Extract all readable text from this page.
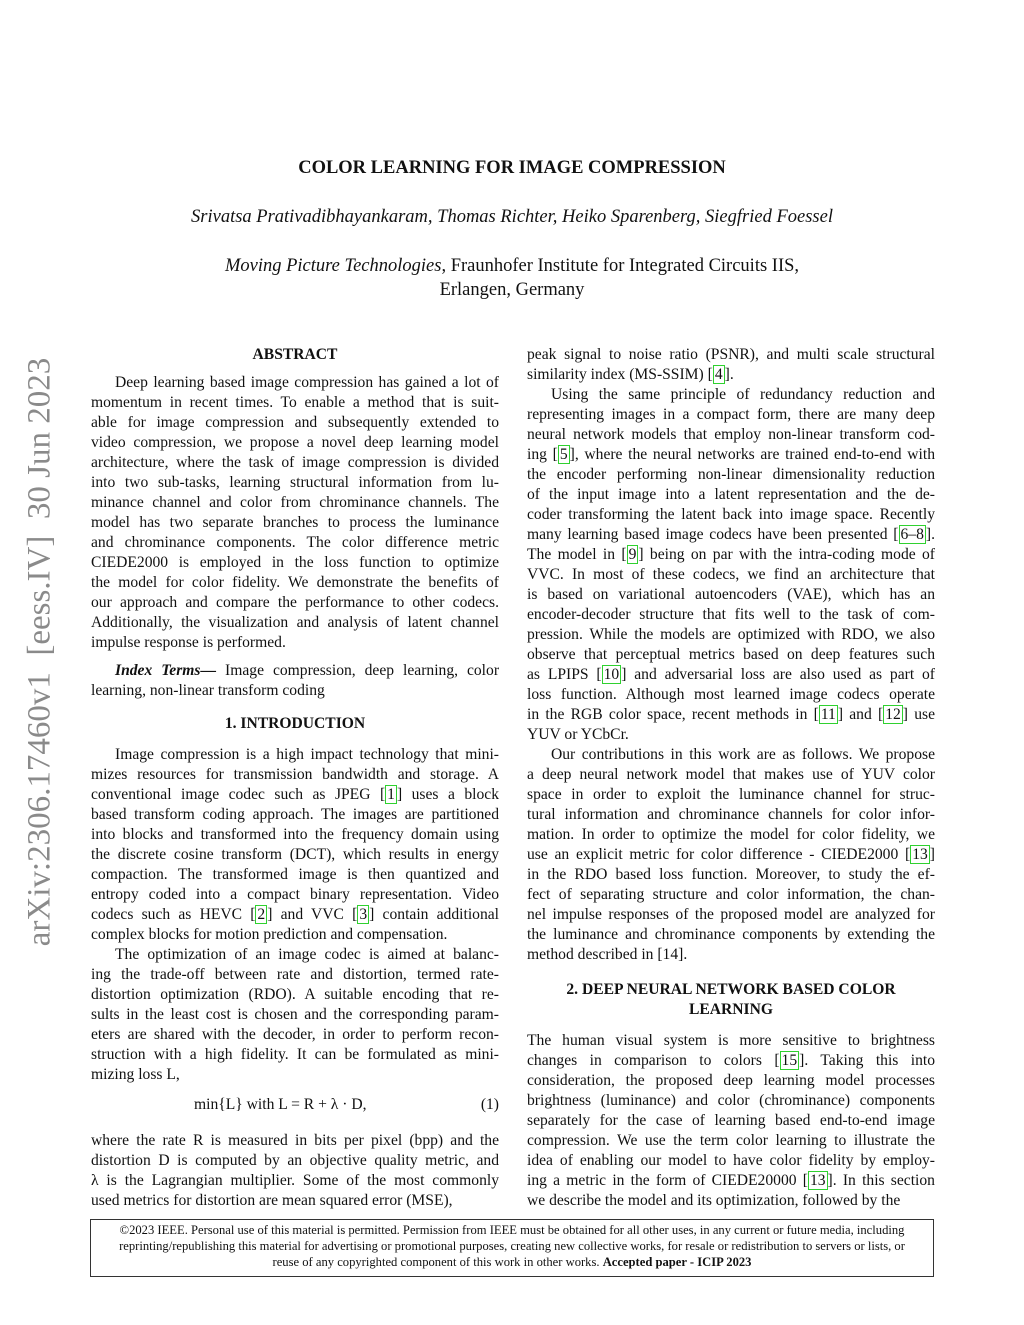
arXiv:2306.17460v1  [eess.IV]  30 Jun 2023
COLOR LEARNING FOR IMAGE COMPRESSION
Srivatsa Prativadibhayankaram, Thomas Richter, Heiko Sparenberg, Siegfried Foessel
Moving Picture Technologies, Fraunhofer Institute for Integrated Circuits IIS,
Erlangen, Germany
ABSTRACT
Deep learning based image compression has gained a lot of
momentum in recent times. To enable a method that is suit-
able for image compression and subsequently extended to
video compression, we propose a novel deep learning model
architecture, where the task of image compression is divided
into two sub-tasks, learning structural information from lu-
minance channel and color from chrominance channels. The
model has two separate branches to process the luminance
and chrominance components. The color difference metric
CIEDE2000 is employed in the loss function to optimize
the model for color fidelity. We demonstrate the benefits of
our approach and compare the performance to other codecs.
Additionally, the visualization and analysis of latent channel
impulse response is performed.
Index Terms— Image compression, deep learning, color
learning, non-linear transform coding
1. INTRODUCTION
Image compression is a high impact technology that mini-
mizes resources for transmission bandwidth and storage. A
conventional image codec such as JPEG [ 1 ] uses a block
based transform coding approach. The images are partitioned
into blocks and transformed into the frequency domain using
the discrete cosine transform (DCT), which results in energy
compaction. The transformed image is then quantized and
entropy coded into a compact binary representation. Video
codecs such as HEVC [ 2 ] and VVC [ 3 ] contain additional
complex blocks for motion prediction and compensation.
The optimization of an image codec is aimed at balanc-
ing the trade-off between rate and distortion, termed rate-
distortion optimization (RDO). A suitable encoding that re-
sults in the least cost is chosen and the corresponding param-
eters are shared with the decoder, in order to perform recon-
struction with a high fidelity. It can be formulated as mini-
mizing loss L,
min{L} with L = R + λ · D,	(1)
where the rate R is measured in bits per pixel (bpp) and the
distortion D is computed by an objective quality metric, and
λ is the Lagrangian multiplier. Some of the most commonly
used metrics for distortion are mean squared error (MSE),
peak signal to noise ratio (PSNR), and multi scale structural
similarity index (MS-SSIM) [ 4 ].
Using the same principle of redundancy reduction and
representing images in a compact form, there are many deep
neural network models that employ non-linear transform cod-
ing [ 5 ], where the neural networks are trained end-to-end with
the encoder performing non-linear dimensionality reduction
of the input image into a latent representation and the de-
coder transforming the latent back into image space. Recently
many learning based image codecs have been presented [ 6–8 ].
The model in [ 9 ] being on par with the intra-coding mode of
VVC. In most of these codecs, we find an architecture that
is based on variational autoencoders (VAE), which has an
encoder-decoder structure that fits well to the task of com-
pression. While the models are optimized with RDO, we also
observe that perceptual metrics based on deep features such
as LPIPS [ 10 ] and adversarial loss are also used as part of
loss function. Although most learned image codecs operate
in the RGB color space, recent methods in [ 11 ] and [ 12 ] use
YUV or YCbCr.
Our contributions in this work are as follows. We propose
a deep neural network model that makes use of YUV color
space in order to exploit the luminance channel for struc-
tural information and chrominance channels for color infor-
mation. In order to optimize the model for color fidelity, we
use an explicit metric for color difference - CIEDE2000 [ 13 ]
in the RDO based loss function. Moreover, to study the ef-
fect of separating structure and color information, the chan-
nel impulse responses of the proposed model are analyzed for
the luminance and chrominance components by extending the
method described in [14].
2. DEEP NEURAL NETWORK BASED COLOR
LEARNING
The human visual system is more sensitive to brightness
changes in comparison to colors [ 15 ]. Taking this into
consideration, the proposed deep learning model processes
brightness (luminance) and color (chrominance) components
separately for the case of learning based end-to-end image
compression. We use the term color learning to illustrate the
idea of enabling our model to have color fidelity by employ-
ing a metric in the form of CIEDE20000 [ 13 ]. In this section
we describe the model and its optimization, followed by the
©2023 IEEE. Personal use of this material is permitted. Permission from IEEE must be obtained for all other uses, in any current or future media, including
reprinting/republishing this material for advertising or promotional purposes, creating new collective works, for resale or redistribution to servers or lists, or
reuse of any copyrighted component of this work in other works. Accepted paper - ICIP 2023
